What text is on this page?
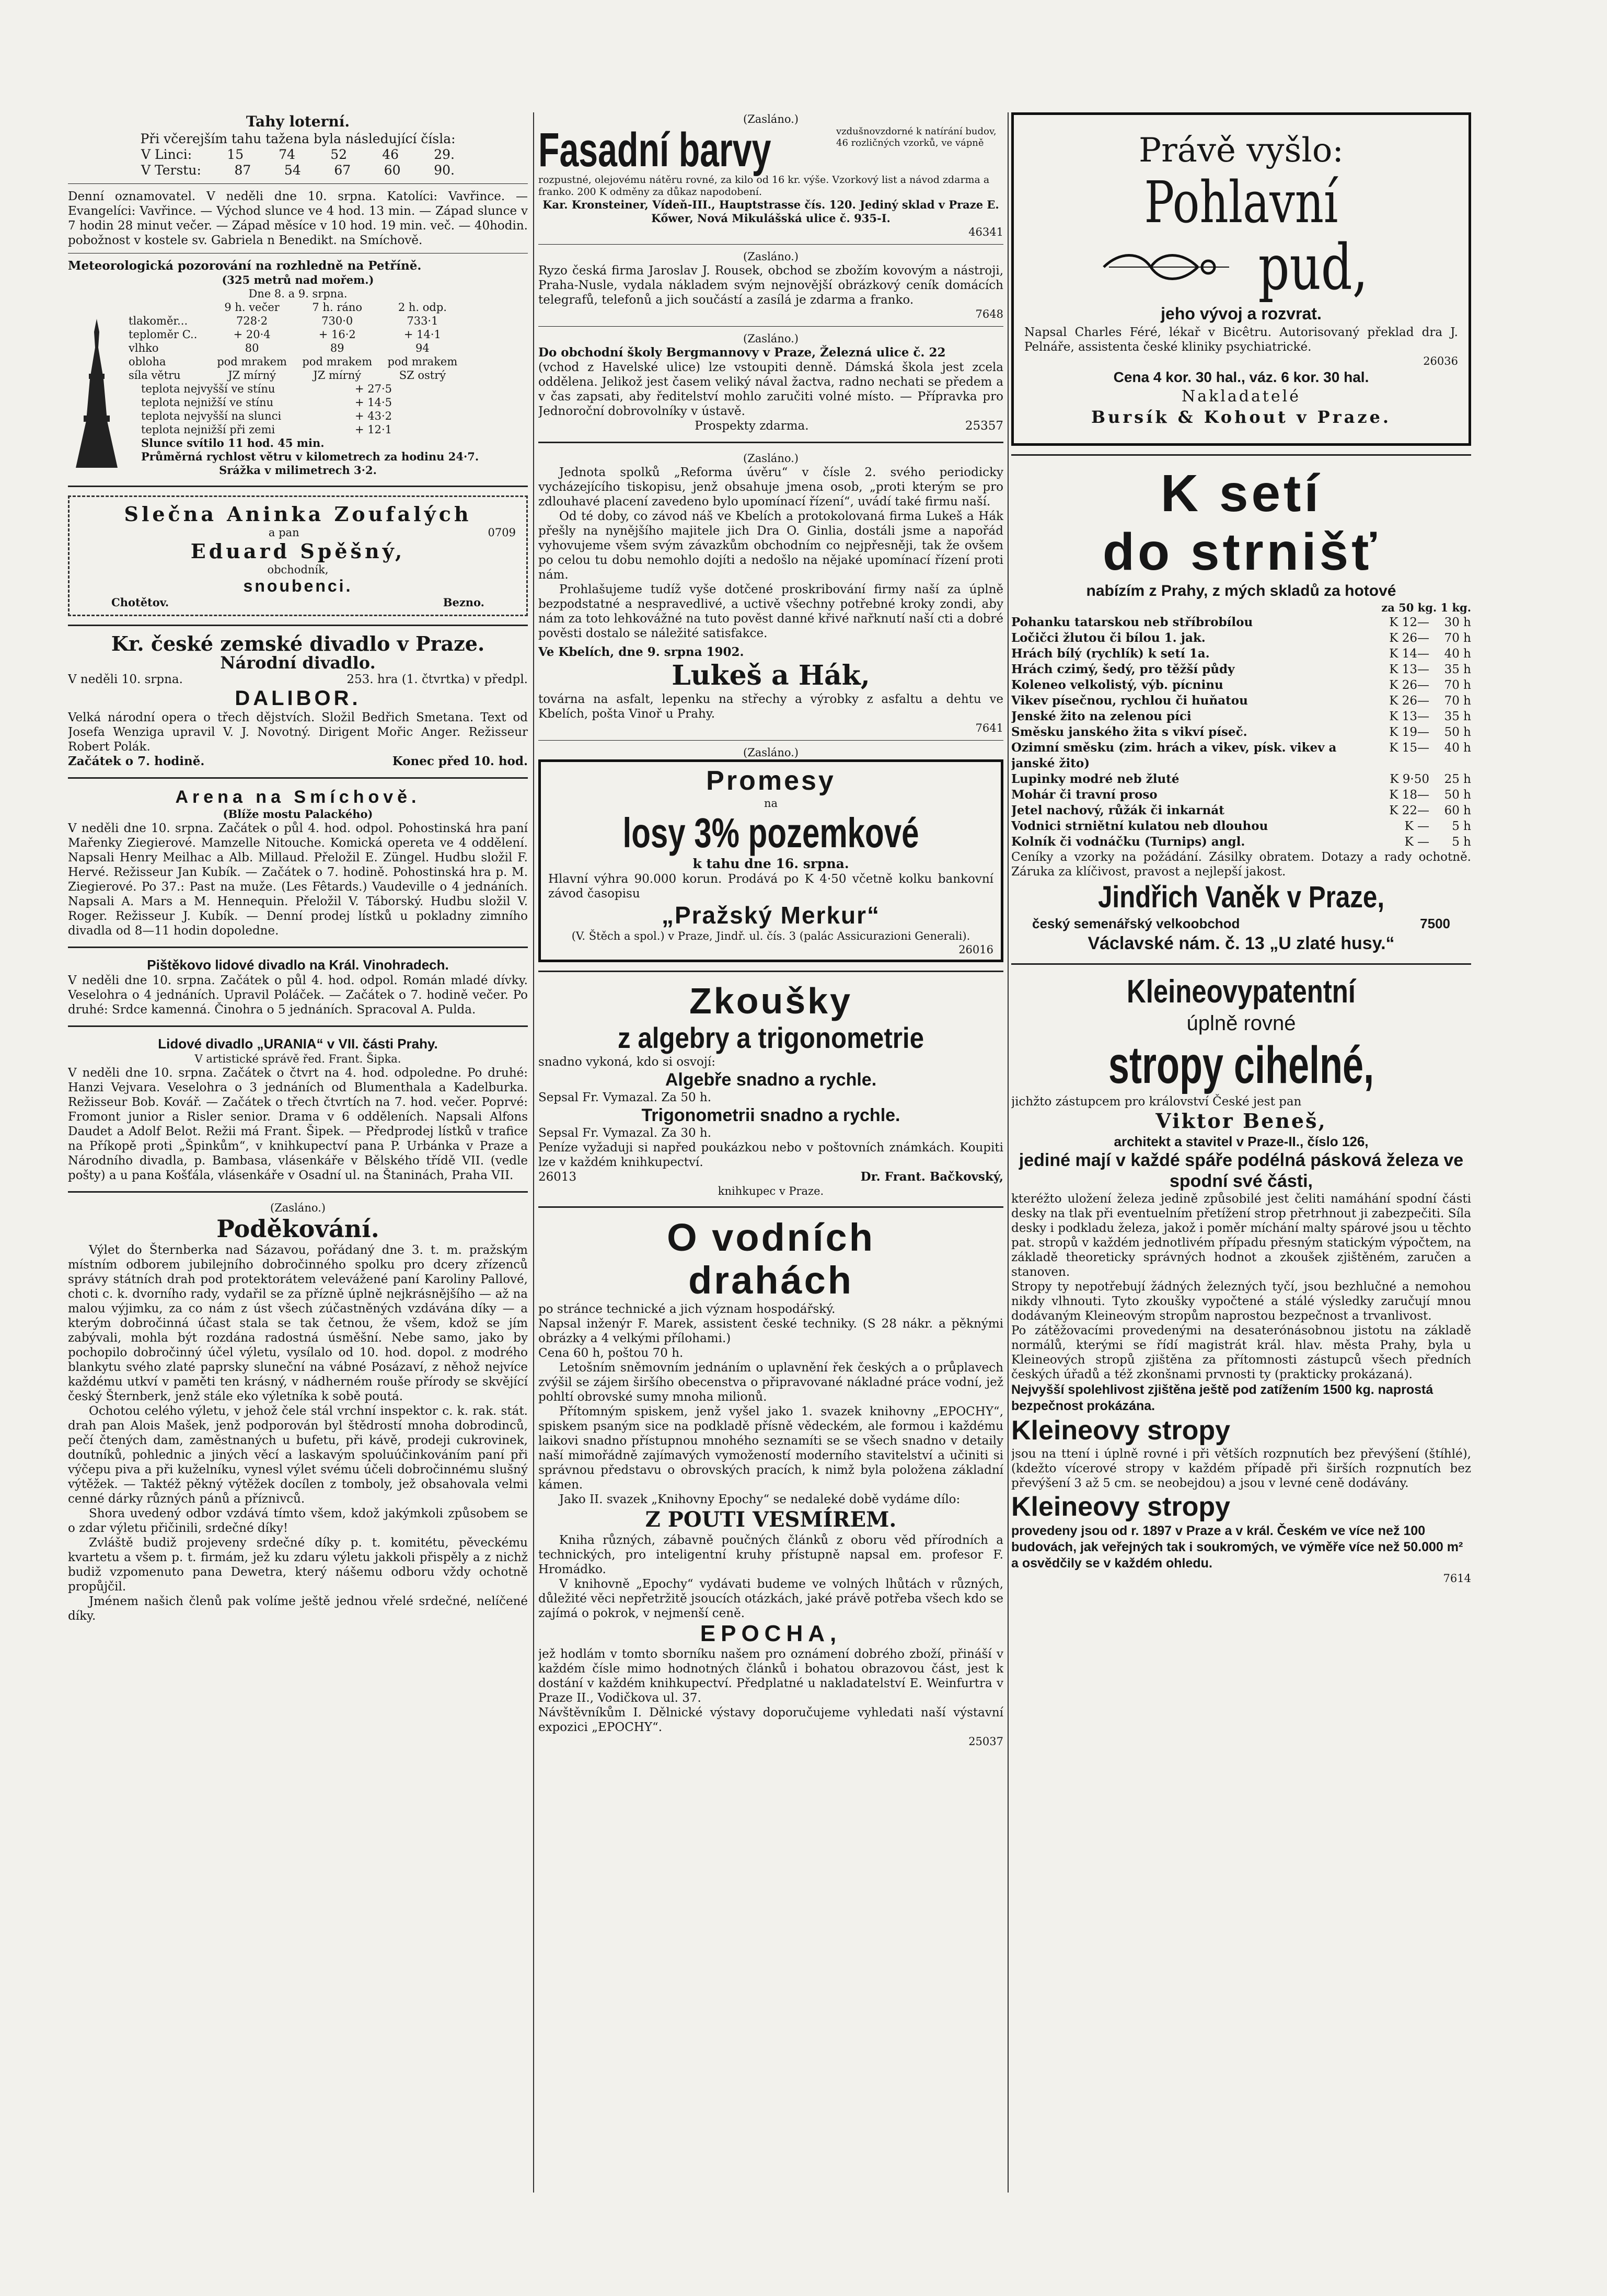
Tahy loterní.

Při včerejším tahu tažena byla následující čísla:

V Linci:	15	74	52	46	29.
V Terstu:	87	54	67	60	90.

Denní oznamovatel. V neděli dne 10. srpna. Katolíci: Vavřince. — Evangelíci: Vavřince. — Východ slunce ve 4 hod. 13 min. — Západ slunce v 7 hodin 28 minut večer. — Západ měsíce v 10 hod. 19 min. več. — 40hodin. pobožnost v kostele sv. Gabriela n Benedikt. na Smíchově.

Meteorologická pozorování na rozhledně na Petříně.

(325 metrů nad mořem.)

Dne 8. a 9. srpna.

	9 h. večer	7 h. ráno	2 h. odp.
tlakoměr...	728·2	730·0	733·1
teploměr C..	+ 20·4	+ 16·2	+ 14·1
vlhko	80	89	94
obloha	pod mrakem	pod mrakem	pod mrakem
síla větru	JZ mírný	JZ mírný	SZ ostrý
teplota nejvyšší ve stínu	+ 27·5
teplota nejnižší ve stínu	+ 14·5
teplota nejvyšší na slunci	+ 43·2
teplota nejnižší při zemi	+ 12·1

Slunce svítilo 11 hod. 45 min.

Průměrná rychlost větru v kilometrech za hodinu 24·7.

Srážka v milimetrech 3·2.

Slečna Aninka Zoufalých

a pan	0709

Eduard Spěšný,

obchodník,

snoubenci.

Chotětov.	Bezno.

Kr. české zemské divadlo v Praze.

Národní divadlo.

V neděli 10. srpna.	253. hra (1. čtvrtka) v předpl.

DALIBOR.

Velká národní opera o třech dějstvích. Složil Bedřich Smetana. Text od Josefa Wenziga upravil V. J. Novotný. Dirigent Mořic Anger. Režisseur Robert Polák.

Začátek o 7. hodině.	Konec před 10. hod.

Arena na Smíchově.

(Blíže mostu Palackého)

V neděli dne 10. srpna. Začátek o půl 4. hod. odpol. Pohostinská hra paní Mařenky Ziegierové. Mamzelle Nitouche. Komická opereta ve 4 oddělení. Napsali Henry Meilhac a Alb. Millaud. Přeložil E. Züngel. Hudbu složil F. Hervé. Režisseur Jan Kubík. — Začátek o 7. hodině. Pohostinská hra p. M. Ziegierové. Po 37.: Past na muže. (Les Fêtards.) Vaudeville o 4 jednáních. Napsali A. Mars a M. Hennequin. Přeložil V. Táborský. Hudbu složil V. Roger. Režisseur J. Kubík. — Denní prodej lístků u pokladny zimního divadla od 8—11 hodin dopoledne.

Pištěkovo lidové divadlo na Král. Vinohradech.

V neděli dne 10. srpna. Začátek o půl 4. hod. odpol. Román mladé dívky. Veselohra o 4 jednáních. Upravil Poláček. — Začátek o 7. hodině večer. Po druhé: Srdce kamenná. Činohra o 5 jednáních. Spracoval A. Pulda.

Lidové divadlo „URANIA“ v VII. části Prahy.

V artistické správě řed. Frant. Šipka.

V neděli dne 10. srpna. Začátek o čtvrt na 4. hod. odpoledne. Po druhé: Hanzi Vejvara. Veselohra o 3 jednáních od Blumenthala a Kadelburka. Režisseur Bob. Kovář. — Začátek o třech čtvrtích na 7. hod. večer. Poprvé: Fromont junior a Risler senior. Drama v 6 odděleních. Napsali Alfons Daudet a Adolf Belot. Režii má Frant. Šipek. — Předprodej lístků v trafice na Příkopě proti „Špinkům“, v knihkupectví pana P. Urbánka v Praze a Národního divadla, p. Bambasa, vlásenkáře v Bělského třídě VII. (vedle pošty) a u pana Košťála, vlásenkáře v Osadní ul. na Štaninách, Praha VII.

(Zasláno.)

Poděkování.

Výlet do Šternberka nad Sázavou, pořádaný dne 3. t. m. pražským místním odborem jubilejního dobročinného spolku pro dcery zřízenců správy státních drah pod protektorátem velevážené paní Karoliny Pallové, choti c. k. dvorního rady, vydařil se za přízně úplně nejkrásnějšího — až na malou výjimku, za co nám z úst všech zúčastněných vzdávána díky — a kterým dobročinná účast stala se tak četnou, že všem, kdož se jím zabývali, mohla být rozdána radostná úsměšní. Nebe samo, jako by pochopilo dobročinný účel výletu, vysílalo od 10. hod. dopol. z modrého blankytu svého zlaté paprsky sluneční na vábné Posázaví, z něhož nejvíce každému utkví v paměti ten krásný, v nádherném rouše přírody se skvějící český Šternberk, jenž stále eko výletníka k sobě poutá.

Ochotou celého výletu, v jehož čele stál vrchní inspektor c. k. rak. stát. drah pan Alois Mašek, jenž podporován byl štědrostí mnoha dobrodinců, pečí čtených dam, zaměstnaných u bufetu, při kávě, prodeji cukrovinek, doutníků, pohlednic a jiných věcí a laskavým spoluúčinkováním paní při výčepu piva a při kuželníku, vynesl výlet svému účeli dobročinnému slušný výtěžek. — Taktéž pěkný výtěžek docílen z tomboly, jež obsahovala velmi cenné dárky různých pánů a příznivců.

Shora uvedený odbor vzdává tímto všem, kdož jakýmkoli způsobem se o zdar výletu přičinili, srdečné díky!

Zvláště budiž projeveny srdečné díky p. t. komitétu, pěveckému kvartetu a všem p. t. firmám, jež ku zdaru výletu jakkoli přispěly a z nichž budiž vzpomenuto pana Dewetra, který nášemu odboru vždy ochotně propůjčil.

Jménem našich členů pak volíme ještě jednou vřelé srdečné, nelíčené díky.

(Zasláno.)

Fasadní barvy	vzdušnovzdorné k natírání budov, 46 rozličných vzorků, ve vápně

rozpustné, olejovému nátěru rovné, za kilo od 16 kr. výše. Vzorkový list a návod zdarma a franko. 200 K odměny za důkaz napodobení.

Kar. Kronsteiner, Vídeň-III., Hauptstrasse čís. 120. Jediný sklad v Praze E. Kőwer, Nová Mikulášská ulice č. 935-I.

46341

(Zasláno.)

Ryzo česká firma Jaroslav J. Rousek, obchod se zbožím kovovým a nástroji, Praha-Nusle, vydala nákladem svým nejnovější obrázkový ceník domácích telegrafů, telefonů a jich součástí a zasílá je zdarma a franko.

7648

(Zasláno.)

Do obchodní školy Bergmannovy v Praze, Železná ulice č. 22

(vchod z Havelské ulice) lze vstoupiti denně. Dámská škola jest zcela oddělena. Jelikož jest časem veliký nával žactva, radno nechati se předem a v čas zapsati, aby ředitelství mohlo zaručiti volné místo. — Přípravka pro Jednoroční dobrovolníky v ústavě.

Prospekty zdarma.	25357

(Zasláno.)

Jednota spolků „Reforma úvěru“ v čísle 2. svého periodicky vycházejícího tiskopisu, jenž obsahuje jmena osob, „proti kterým se pro zdlouhavé placení zavedeno bylo upomínací řízení“, uvádí také firmu naší.

Od té doby, co závod náš ve Kbelích a protokolovaná firma Lukeš a Hák přešly na nynějšího majitele jich Dra O. Ginlia, dostáli jsme a napořád vyhovujeme všem svým závazkům obchodním co nejpřesněji, tak že ovšem po celou tu dobu nemohlo dojíti a nedošlo na nějaké upomínací řízení proti nám.

Prohlašujeme tudíž vyše dotčené proskribování firmy naší za úplně bezpodstatné a nespravedlivé, a uctivě všechny potřebné kroky zondi, aby nám za toto lehkovážné na tuto pověst danné křivé nařknutí naší cti a dobré pověsti dostalo se náležité satisfakce.

Ve Kbelích, dne 9. srpna 1902.

Lukeš a Hák,

továrna na asfalt, lepenku na střechy a výrobky z asfaltu a dehtu ve Kbelích, pošta Vinoř u Prahy.

7641

(Zasláno.)

Promesy

na

losy 3% pozemkové

k tahu dne 16. srpna.

Hlavní výhra 90.000 korun. Prodává po K 4·50 včetně kolku bankovní závod časopisu

„Pražský Merkur“

(V. Štěch a spol.) v Praze, Jindř. ul. čís. 3 (palác Assicurazioni Generali).

26016

Zkoušky

z algebry a trigonometrie

snadno vykoná, kdo si osvojí:

Algebře snadno a rychle.

Sepsal Fr. Vymazal. Za 50 h.

Trigonometrii snadno a rychle.

Sepsal Fr. Vymazal. Za 30 h.

Peníze vyžaduji si napřed poukázkou nebo v poštovních známkách. Koupiti lze v každém knihkupectví.

26013	Dr. Frant. Bačkovský,

knihkupec v Praze.

O vodních

drahách

po stránce technické a jich význam hospodářský.

Napsal inženýr F. Marek, assistent české techniky. (S 28 nákr. a pěknými obrázky a 4 velkými přílohami.)

Cena 60 h, poštou 70 h.

Letošním sněmovním jednáním o uplavnění řek českých a o průplavech zvýšil se zájem širšího obecenstva o připravované nákladné práce vodní, jež pohltí obrovské sumy mnoha milionů.

Přítomným spiskem, jenž vyšel jako 1. svazek knihovny „EPOCHY“, spiskem psaným sice na podkladě přísně vědeckém, ale formou i každému laikovi snadno přístupnou mnohého seznamíti se se všech snadno v detaily naší mimořádně zajímavých vymožeností moderního stavitelství a učiniti si správnou představu o obrovských pracích, k nimž byla položena základní kámen.

Jako II. svazek „Knihovny Epochy“ se nedaleké době vydáme dílo:

Z POUTI VESMÍREM.

Kniha různých, zábavně poučných článků z oboru věd přírodních a technických, pro inteligentní kruhy přístupně napsal em. profesor F. Hromádko.

V knihovně „Epochy“ vydávati budeme ve volných lhůtách v různých, důležité věci nepřetržitě jsoucích otázkách, jaké právě potřeba všech kdo se zajímá o pokrok, v nejmenší ceně.

EPOCHA,

jež hodlám v tomto sborníku našem pro oznámení dobrého zboží, přináší v každém čísle mimo hodnotných článků i bohatou obrazovou část, jest k dostání v každém knihkupectví. Předplatné u nakladatelství E. Weinfurtra v Praze II., Vodičkova ul. 37.

Návštěvníkům I. Dělnické výstavy doporučujeme vyhledati naší výstavní expozici „EPOCHY“.

25037

Právě vyšlo:

Pohlavní

pud,

jeho vývoj a rozvrat.

Napsal Charles Féré, lékař v Bicêtru. Autorisovaný překlad dra J. Pelnáře, assistenta české kliniky psychiatrické.

26036

Cena 4 kor. 30 hal., váz. 6 kor. 30 hal.

Nakladatelé

Bursík & Kohout v Praze.

K setí

do strnišť

nabízím z Prahy, z mých skladů za hotové

za 50 kg. 1 kg.

Pohanku tatarskou neb stříbrobílou	K 12—	30 h
Ločičci žlutou či bílou 1. jak.	K 26—	70 h
Hrách bílý (rychlík) k setí 1a.	K 14—	40 h
Hrách czimý, šedý, pro těžší půdy	K 13—	35 h
Koleneo velkolistý, výb. pícninu	K 26—	70 h
Vikev písečnou, rychlou či huňatou	K 26—	70 h
Jenské žito na zelenou píci	K 13—	35 h
Směsku janského žita s vikví píseč.	K 19—	50 h
Ozimní směsku (zim. hrách a vikev, písk. vikev a janské žito)
K 15—	40 h
Lupinky modré neb žluté	K 9·50	25 h
Mohár či travní proso	K 18—	50 h
Jetel nachový, růžák či inkarnát	K 22—	60 h
Vodnici strniětní kulatou neb dlouhou	K —	5 h
Kolník či vodnáčku (Turnips) angl.	K —	5 h

Ceníky a vzorky na požádání. Zásilky obratem. Dotazy a rady ochotně. Záruka za klíčivost, pravost a nejlepší jakost.

Jindřich Vaněk v Praze,

český semenářský velkoobchod	7500

Václavské nám. č. 13 „U zlaté husy.“

Kleineovypatentní

úplně rovné

stropy cihelné,

jichžto zástupcem pro království České jest pan

Viktor Beneš,

architekt a stavitel v Praze-II., číslo 126,

jediné mají v každé spáře podélná pásková železa ve spodní své části,

kteréžto uložení železa jedině způsobilé jest čeliti namáhání spodní části desky na tlak při eventuelním přetížení strop přetrhnout ji zabezpečiti. Síla desky i podkladu železa, jakož i poměr míchání malty spárové jsou u těchto pat. stropů v každém jednotlivém případu přesným statickým výpočtem, na základě theoreticky správných hodnot a zkoušek zjištěném, zaručen a stanoven.

Stropy ty nepotřebují žádných železných tyčí, jsou bezhlučné a nemohou nikdy vlhnouti. Tyto zkoušky vypočtené a stálé výsledky zaručují mnou dodávaným Kleineovým stropům naprostou bezpečnost a trvanlivost.

Po zátěžovacími provedenými na desaterónásobnou jistotu na základě normálů, kterými se řídí magistrát král. hlav. města Prahy, byla u Kleineových stropů zjištěna za přítomnosti zástupců všech předních českých úřadů a též zkonšnami prvnosti ty (prakticky prokázaná).

Nejvyšší spolehlivost zjištěna ještě pod zatížením 1500 kg. naprostá bezpečnost prokázána.

Kleineovy stropy

jsou na ttení i úplně rovné i při větších rozpnutích bez převýšení (štíhlé), (kdežto vícerové stropy v každém případě při širších rozpnutích bez převýšení 3 až 5 cm. se neobejdou) a jsou v levné ceně dodávány.

Kleineovy stropy

provedeny jsou od r. 1897 v Praze a v král. Českém ve více než 100 budovách, jak veřejných tak i soukromých, ve výměře více než 50.000 m² a osvědčily se v každém ohledu.

7614
